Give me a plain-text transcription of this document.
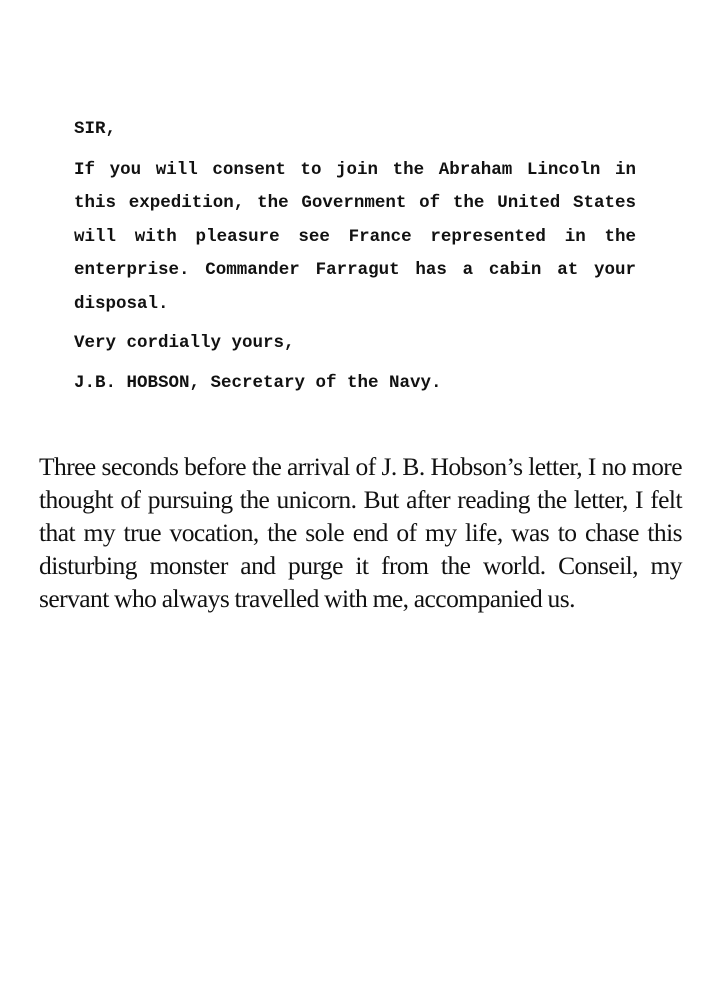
SIR,

If you will consent to join the Abraham Lincoln in this expedition, the Government of the United States will with pleasure see France represented in the enterprise. Commander Farragut has a cabin at your disposal.

Very cordially yours,

J.B. HOBSON, Secretary of the Navy.

Three seconds before the arrival of J. B. Hobson’s letter, I no more thought of pursuing the unicorn. But after reading the letter, I felt that my true vocation, the sole end of my life, was to chase this disturbing monster and purge it from the world. Conseil, my servant who always travelled with me, accompanied us.
